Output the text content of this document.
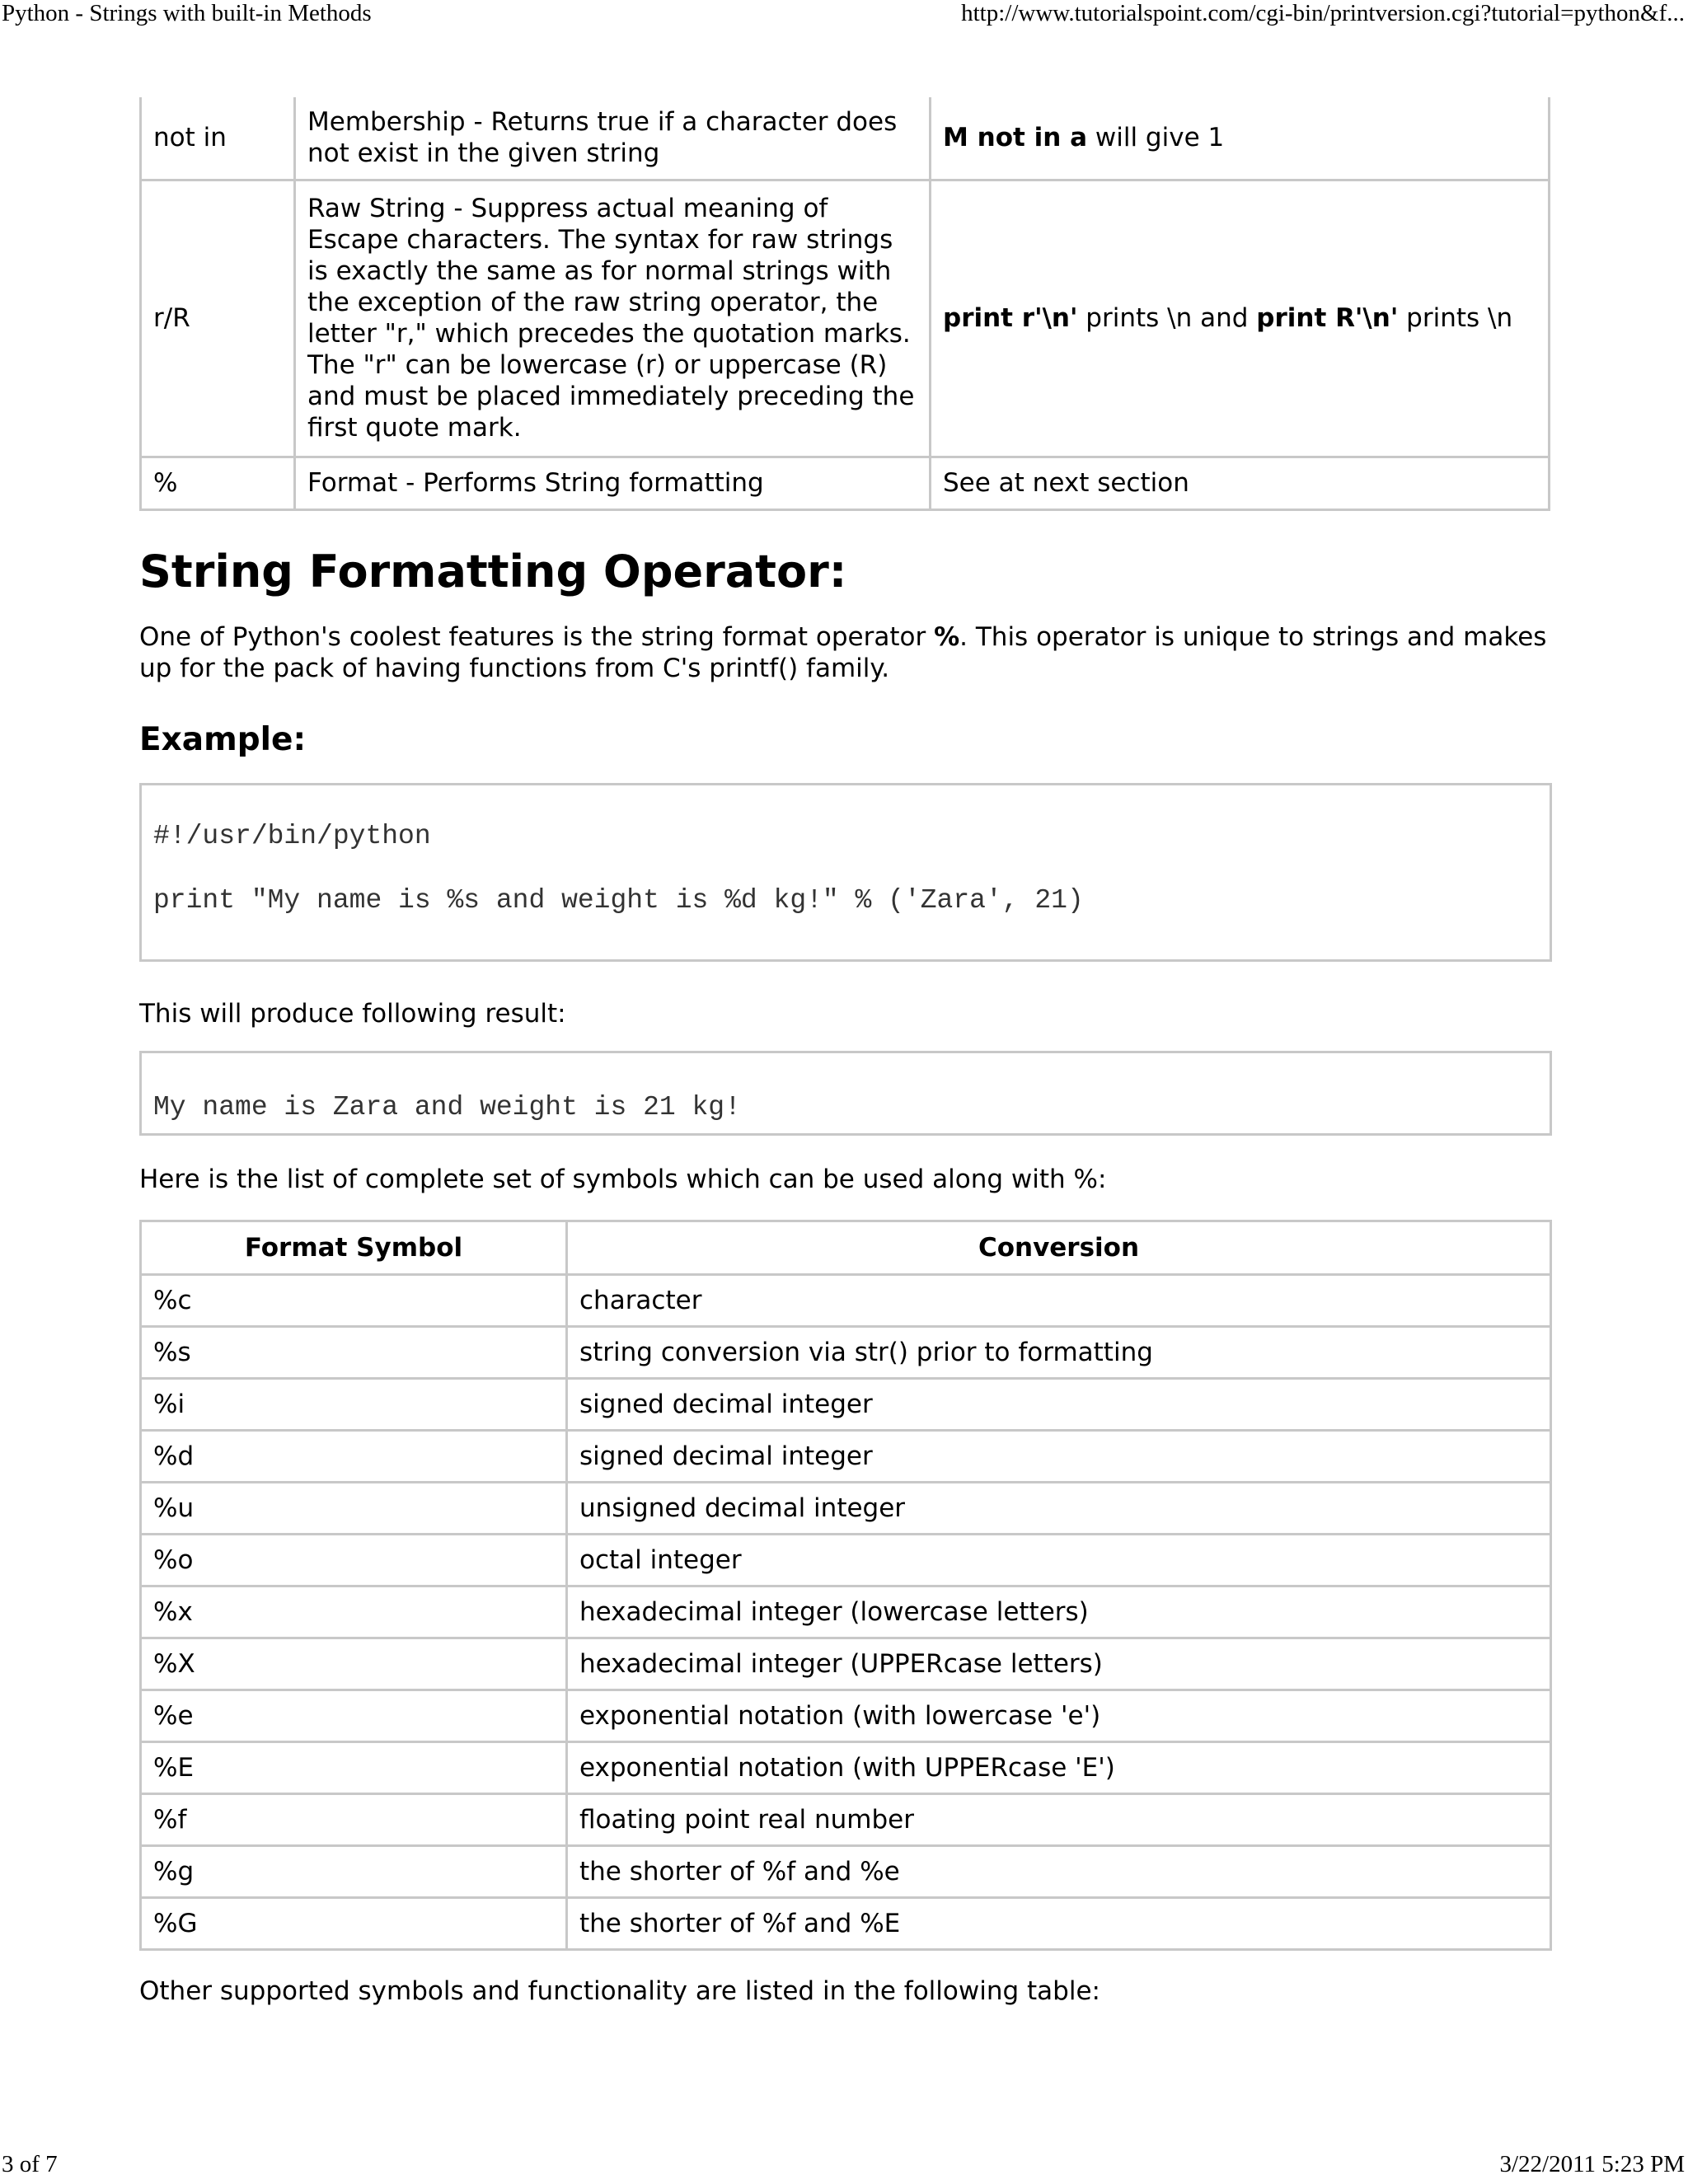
Python - Strings with built-in Methods	http://www.tutorialspoint.com/cgi-bin/printversion.cgi?tutorial=python&f...
not in	Membership - Returns true if a character does not exist in the given string	M not in a will give 1
r/R	Raw String - Suppress actual meaning of Escape characters. The syntax for raw strings is exactly the same as for normal strings with the exception of the raw string operator, the letter "r," which precedes the quotation marks. The "r" can be lowercase (r) or uppercase (R) and must be placed immediately preceding the first quote mark.	print r'\n' prints \n and print R'\n' prints \n
%	Format - Performs String formatting	See at next section
String Formatting Operator:

One of Python's coolest features is the string format operator %. This operator is unique to strings and makes up for the pack of having functions from C's printf() family.

Example:
#!/usr/bin/python
print "My name is %s and weight is %d kg!" % ('Zara', 21)

This will produce following result:

My name is Zara and weight is 21 kg!

Here is the list of complete set of symbols which can be used along with %:

Format Symbol	Conversion
%c	character
%s	string conversion via str() prior to formatting
%i	signed decimal integer
%d	signed decimal integer
%u	unsigned decimal integer
%o	octal integer
%x	hexadecimal integer (lowercase letters)
%X	hexadecimal integer (UPPERcase letters)
%e	exponential notation (with lowercase 'e')
%E	exponential notation (with UPPERcase 'E')
%f	floating point real number
%g	the shorter of %f and %e
%G	the shorter of %f and %E

Other supported symbols and functionality are listed in the following table:

3 of 7	3/22/2011 5:23 PM
